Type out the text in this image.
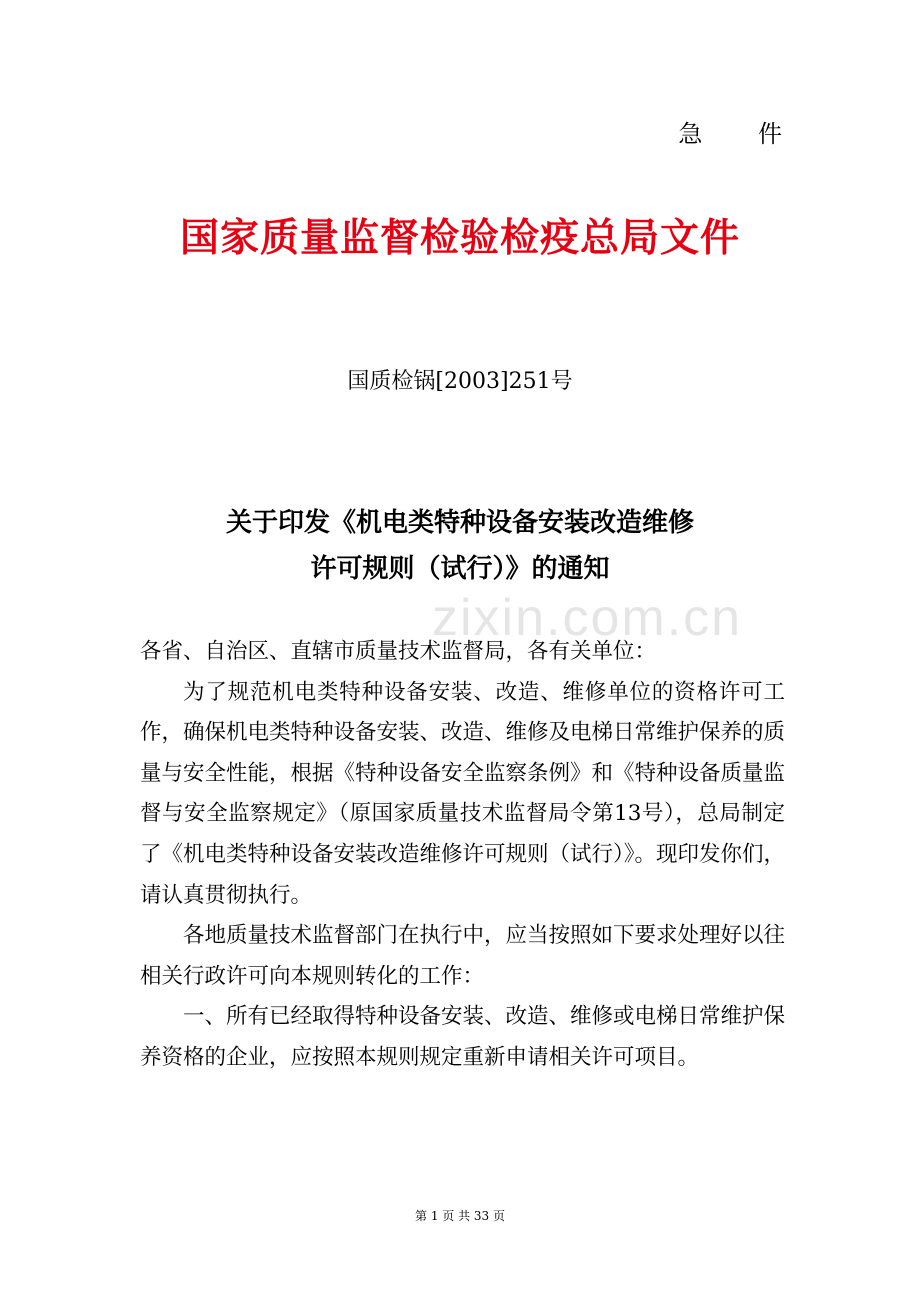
急 件
国家质量监督检验检疫总局文件
国质检锅[2003]251号
关于印发《机电类特种设备安装改造维修
许可规则（试行）》的通知
zixin.com.cn

各省、自治区、直辖市质量技术监督局，各有关单位：

为了规范机电类特种设备安装、改造、维修单位的资格许可工作，确保机电类特种设备安装、改造、维修及电梯日常维护保养的质量与安全性能，根据《特种设备安全监察条例》和《特种设备质量监督与安全监察规定》（原国家质量技术监督局令第13号），总局制定了《机电类特种设备安装改造维修许可规则（试行）》。现印发你们，请认真贯彻执行。

各地质量技术监督部门在执行中，应当按照如下要求处理好以往相关行政许可向本规则转化的工作：

一、所有已经取得特种设备安装、改造、维修或电梯日常维护保养资格的企业，应按照本规则规定重新申请相关许可项目。

第 1 页 共 33 页
